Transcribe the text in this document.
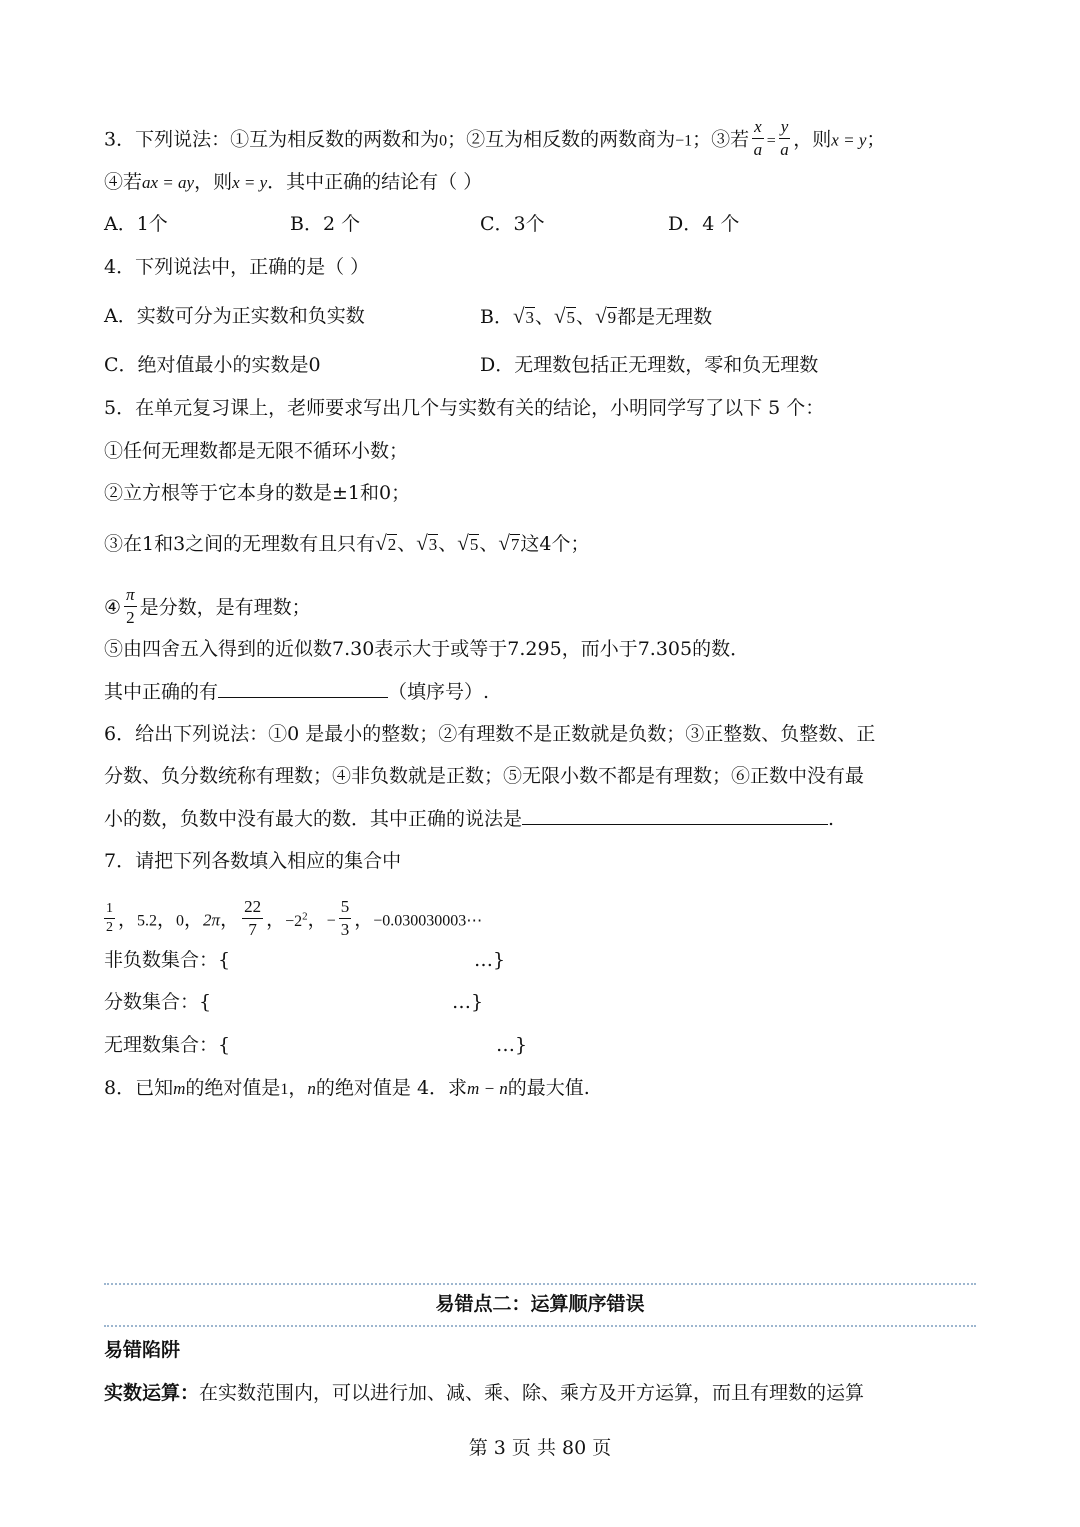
3．下列说法：①互为相反数的两数和为0；②互为相反数的两数商为−1；③若 $\frac{x}{a} = \frac{y}{a}$ ，则x = y；
④若ax = ay，则x = y．其中正确的结论有（ ）
A．1个	B．2 个	C．3个	D．4 个
4．下列说法中，正确的是（ ）
A．实数可分为正实数和负实数	B．√3、√5、√9都是无理数
C．绝对值最小的实数是0	D．无理数包括正无理数，零和负无理数
5．在单元复习课上，老师要求写出几个与实数有关的结论，小明同学写了以下 5 个：
①任何无理数都是无限不循环小数；
②立方根等于它本身的数是±1和0；
③在1和3之间的无理数有且只有√2、√3、√5、√7这4个；
④ $\frac{\pi}{2}$ 是分数，是有理数；
⑤由四舍五入得到的近似数7.30表示大于或等于7.295，而小于7.305的数．
其中正确的有	（填序号）.
6．给出下列说法：①0 是最小的整数；②有理数不是正数就是负数；③正整数、负整数、正
分数、负分数统称有理数；④非负数就是正数；⑤无限小数不都是有理数；⑥正数中没有最
小的数，负数中没有最大的数．其中正确的说法是	.
7．请把下列各数填入相应的集合中
$\frac{1}{2}$ ，5.2，0，2π， $\frac{22}{7}$ ，$-2^2$，− $\frac{5}{3}$ ，−0.030030003⋯
非负数集合：{	…}
分数集合：{	…}
无理数集合：{	…}
8．已知m的绝对值是1，n的绝对值是 4．求m − n的最大值.
易错点二：运算顺序错误
易错陷阱
实数运算：在实数范围内，可以进行加、减、乘、除、乘方及开方运算，而且有理数的运算
第 3 页 共 80 页
